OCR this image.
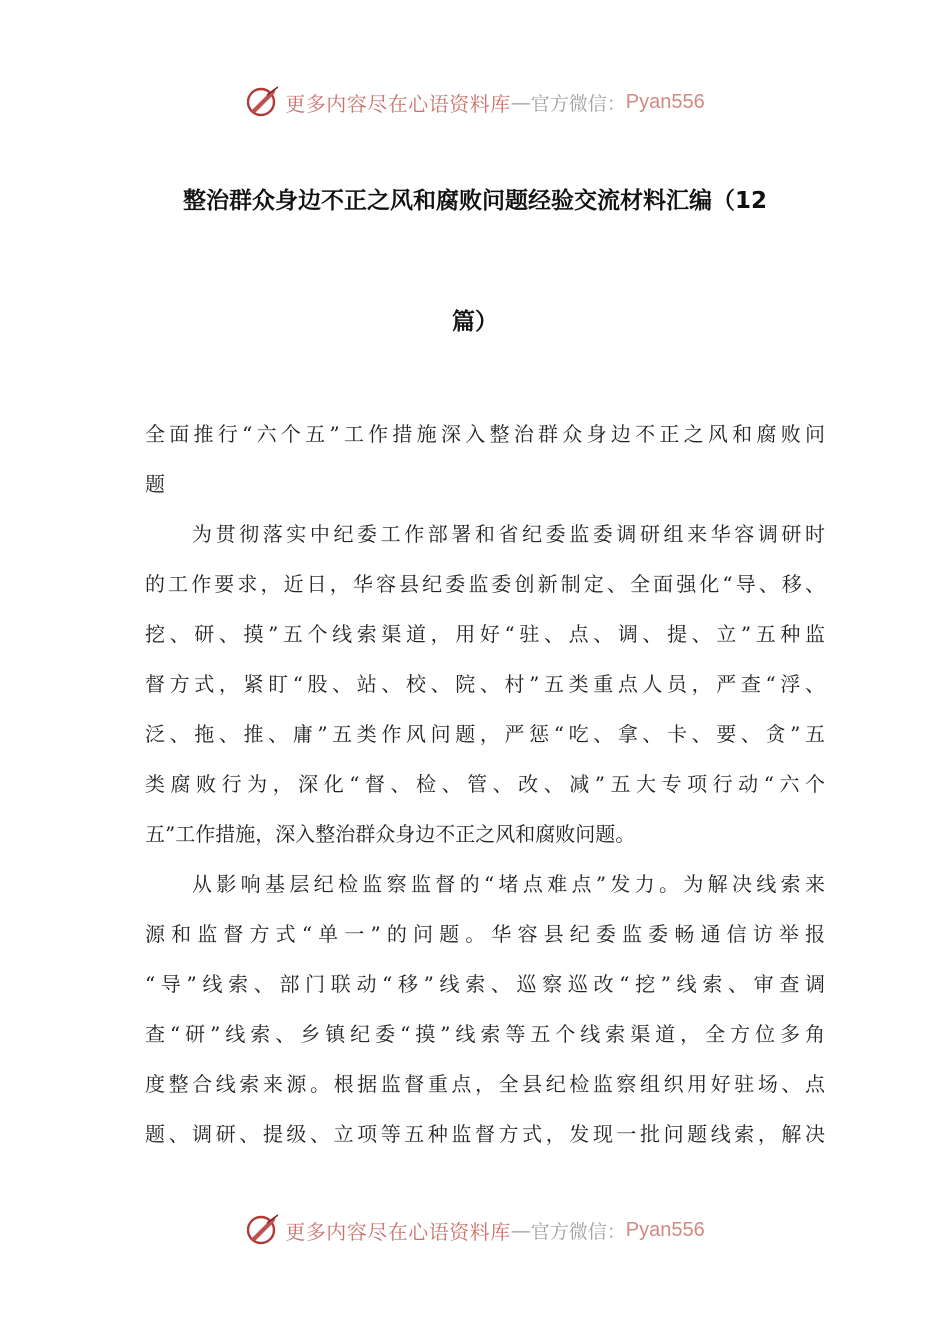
更多内容尽在心语资料库 — 官方微信： Pyan556
整治群众身边不正之风和腐败问题经验交流材料汇编（12
篇）
全面推行“六个五”工作措施深入整治群众身边不正之风和腐败问
题
为贯彻落实中纪委工作部署和省纪委监委调研组来华容调研时
的工作要求，近日，华容县纪委监委创新制定、全面强化“导、移、
挖、研、摸”五个线索渠道，用好“驻、点、调、提、立”五种监
督方式，紧盯“股、站、校、院、村”五类重点人员，严查“浮、
泛、拖、推、庸”五类作风问题，严惩“吃、拿、卡、要、贪”五
类腐败行为，深化“督、检、管、改、减”五大专项行动“六个
五”工作措施，深入整治群众身边不正之风和腐败问题。
从影响基层纪检监察监督的“堵点难点”发力。为解决线索来
源和监督方式“单一”的问题。华容县纪委监委畅通信访举报
“导”线索、部门联动“移”线索、巡察巡改“挖”线索、审查调
查“研”线索、乡镇纪委“摸”线索等五个线索渠道，全方位多角
度整合线索来源。根据监督重点，全县纪检监察组织用好驻场、点
题、调研、提级、立项等五种监督方式，发现一批问题线索，解决
更多内容尽在心语资料库 — 官方微信： Pyan556
